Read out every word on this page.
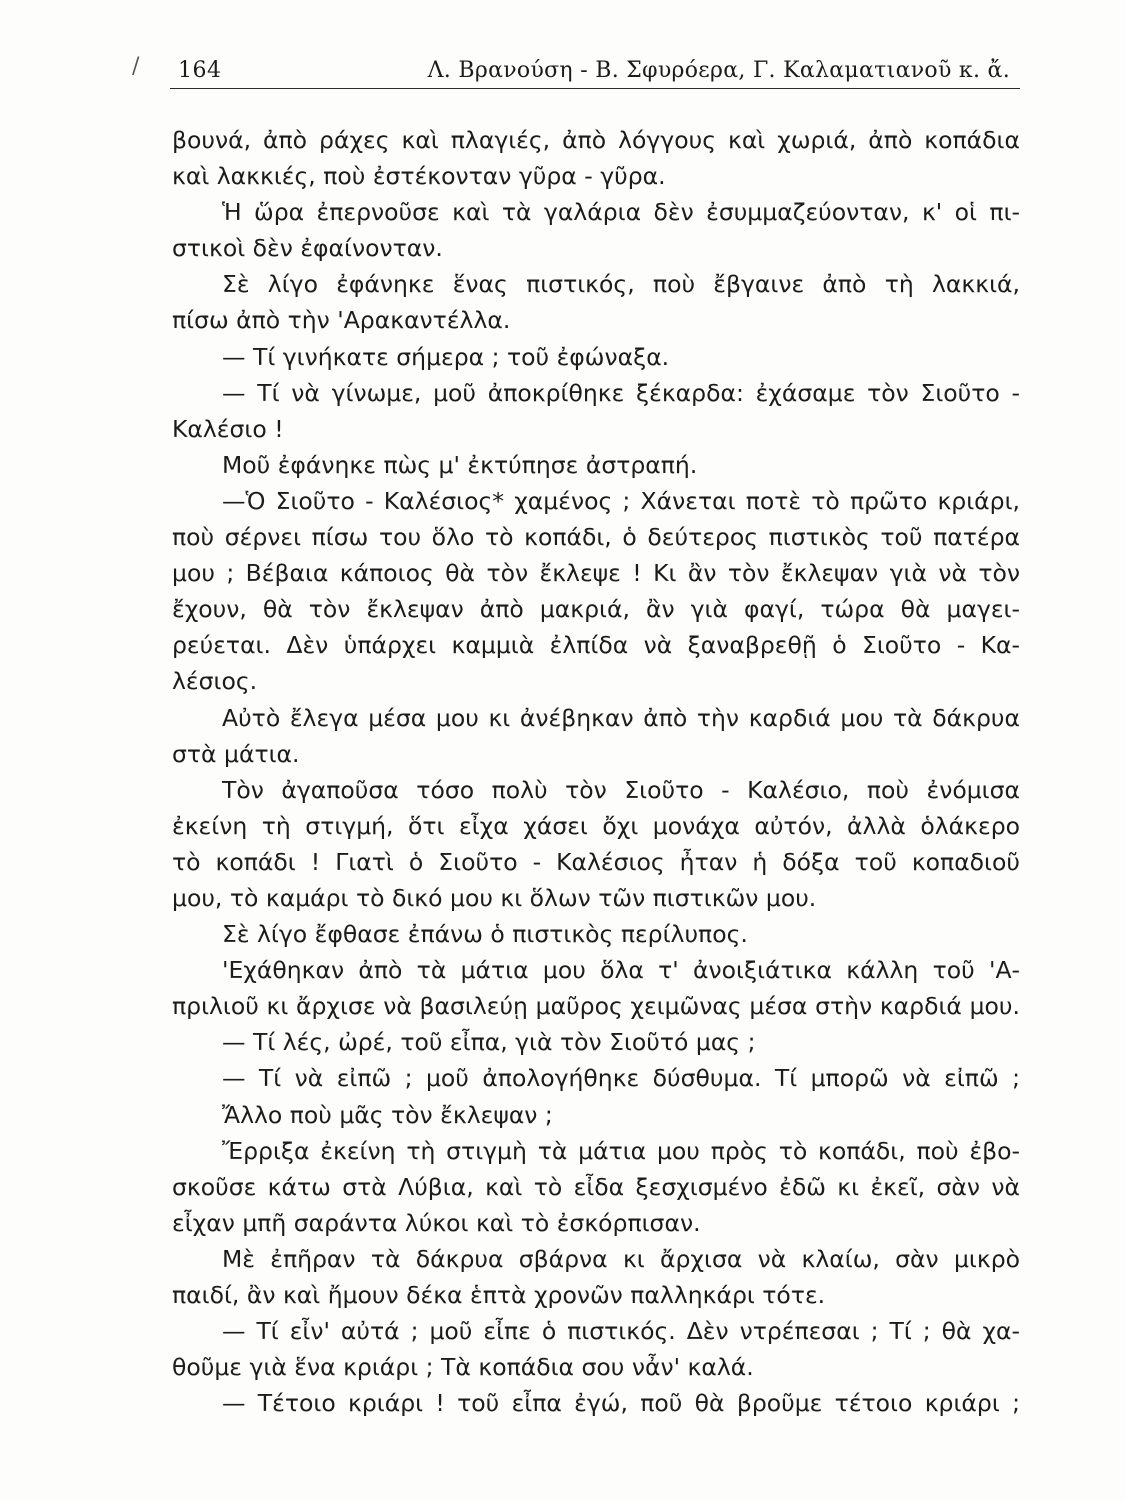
/ 164	Λ. Βρανούση - Β. Σφυρόερα, Γ. Καλαματιανοῦ κ. ἄ.
βουνά, ἀπὸ ράχες καὶ πλαγιές, ἀπὸ λόγγους καὶ χωριά, ἀπὸ κοπάδια
καὶ λακκιές, ποὺ ἐστέκονταν γῦρα - γῦρα.
Ἡ ὥρα ἐπερνοῦσε καὶ τὰ γαλάρια δὲν ἐσυμμαζεύονταν, κ' οἱ πι-
στικοὶ δὲν ἐφαίνονταν.
Σὲ λίγο ἐφάνηκε ἕνας πιστικός, ποὺ ἔβγαινε ἀπὸ τὴ λακκιά,
πίσω ἀπὸ τὴν 'Αρακαντέλλα.
— Τί γινήκατε σήμερα ; τοῦ ἐφώναξα.
— Τί νὰ γίνωμε, μοῦ ἀποκρίθηκε ξέκαρδα: ἐχάσαμε τὸν Σιοῦτο -
Καλέσιο !
Μοῦ ἐφάνηκε πὼς μ' ἐκτύπησε ἀστραπή.
—Ὁ Σιοῦτο - Καλέσιος* χαμένος ; Χάνεται ποτὲ τὸ πρῶτο κριάρι,
ποὺ σέρνει πίσω του ὅλο τὸ κοπάδι, ὁ δεύτερος πιστικὸς τοῦ πατέρα
μου ; Βέβαια κάποιος θὰ τὸν ἔκλεψε ! Κι ἂν τὸν ἔκλεψαν γιὰ νὰ τὸν
ἔχουν, θὰ τὸν ἔκλεψαν ἀπὸ μακριά, ἂν γιὰ φαγί, τώρα θὰ μαγει-
ρεύεται. Δὲν ὑπάρχει καμμιὰ ἐλπίδα νὰ ξαναβρεθῇ ὁ Σιοῦτο - Κα-
λέσιος.
Αὐτὸ ἔλεγα μέσα μου κι ἀνέβηκαν ἀπὸ τὴν καρδιά μου τὰ δάκρυα
στὰ μάτια.
Τὸν ἀγαποῦσα τόσο πολὺ τὸν Σιοῦτο - Καλέσιο, ποὺ ἐνόμισα
ἐκείνη τὴ στιγμή, ὅτι εἶχα χάσει ὄχι μονάχα αὐτόν, ἀλλὰ ὁλάκερο
τὸ κοπάδι ! Γιατὶ ὁ Σιοῦτο - Καλέσιος ἦταν ἡ δόξα τοῦ κοπαδιοῦ
μου, τὸ καμάρι τὸ δικό μου κι ὅλων τῶν πιστικῶν μου.
Σὲ λίγο ἔφθασε ἐπάνω ὁ πιστικὸς περίλυπος.
'Εχάθηκαν ἀπὸ τὰ μάτια μου ὅλα τ' ἀνοιξιάτικα κάλλη τοῦ 'Α-
πριλιοῦ κι ἄρχισε νὰ βασιλεύῃ μαῦρος χειμῶνας μέσα στὴν καρδιά μου.
— Τί λές, ὠρέ, τοῦ εἶπα, γιὰ τὸν Σιοῦτό μας ;
— Τί νὰ εἰπῶ ; μοῦ ἀπολογήθηκε δύσθυμα. Τί μπορῶ νὰ εἰπῶ ;
Ἄλλο ποὺ μᾶς τὸν ἔκλεψαν ;
Ἔρριξα ἐκείνη τὴ στιγμὴ τὰ μάτια μου πρὸς τὸ κοπάδι, ποὺ ἐβο-
σκοῦσε κάτω στὰ Λύβια, καὶ τὸ εἶδα ξεσχισμένο ἐδῶ κι ἐκεῖ, σὰν νὰ
εἶχαν μπῆ σαράντα λύκοι καὶ τὸ ἐσκόρπισαν.
Μὲ ἐπῆραν τὰ δάκρυα σβάρνα κι ἄρχισα νὰ κλαίω, σὰν μικρὸ
παιδί, ἂν καὶ ἤμουν δέκα ἑπτὰ χρονῶν παλληκάρι τότε.
— Τί εἶν' αὐτά ; μοῦ εἶπε ὁ πιστικός. Δὲν ντρέπεσαι ; Τί ; θὰ χα-
θοῦμε γιὰ ἕνα κριάρι ; Τὰ κοπάδια σου νἆν' καλά.
— Τέτοιο κριάρι ! τοῦ εἶπα ἐγώ, ποῦ θὰ βροῦμε τέτοιο κριάρι ;
